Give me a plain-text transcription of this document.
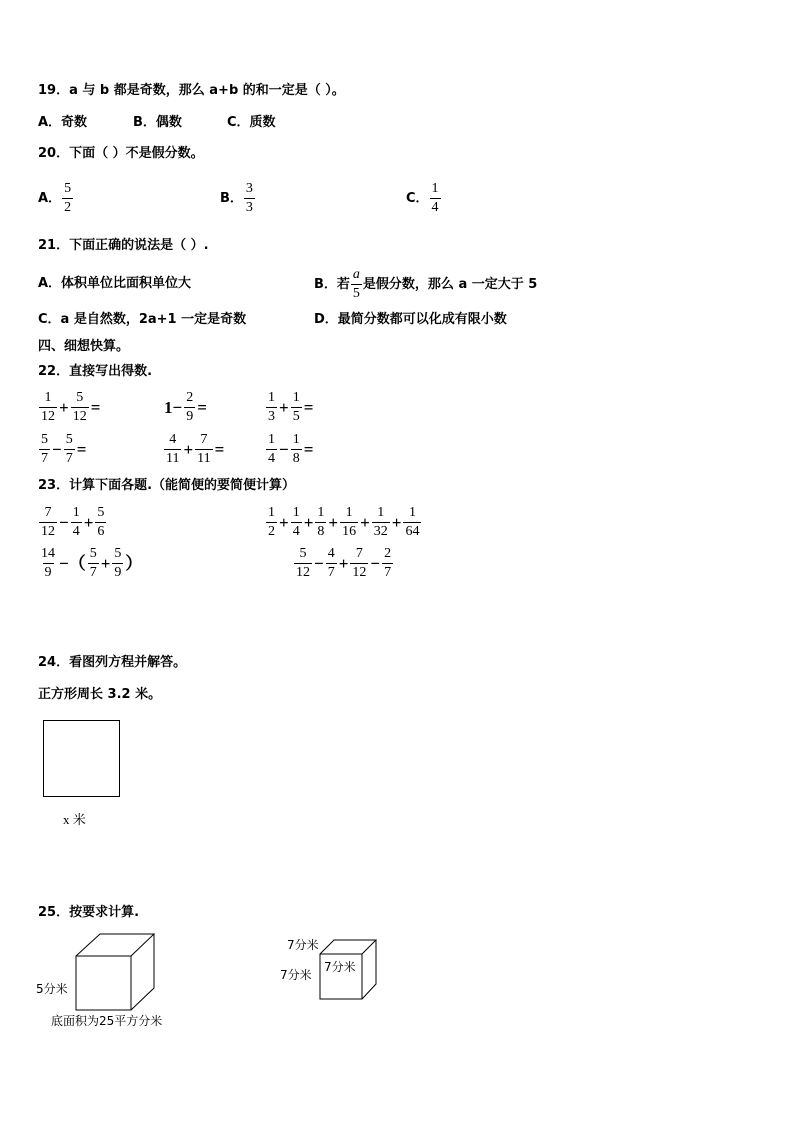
19．a 与 b 都是奇数，那么 a+b 的和一定是（ ）。
A．奇数	B．偶数	C．质数
20．下面（ ）不是假分数。
A． $\frac{5}{2}$	B． $\frac{3}{3}$	C． $\frac{1}{4}$
21．下面正确的说法是（ ）.
A．体积单位比面积单位大	B．若 $\frac{a}{5}$ 是假分数，那么 a 一定大于 5
C．a 是自然数，2a+1 一定是奇数	D．最简分数都可以化成有限小数
四、细想快算。
22．直接写出得数.
$\frac{1}{12} + \frac{5}{12}$ =	$1- \frac{2}{9}$ =	$\frac{1}{3} + \frac{1}{5}$ =
$\frac{5}{7} - \frac{5}{7}$ =	$\frac{4}{11} + \frac{7}{11}$ =	$\frac{1}{4} - \frac{1}{8}$ =
23．计算下面各题.（能简便的要简便计算）
$\frac{7}{12} - \frac{1}{4} + \frac{5}{6}$	$\frac{1}{2} + \frac{1}{4} + \frac{1}{8} + \frac{1}{16} + \frac{1}{32} + \frac{1}{64}$
$\frac{14}{9}$ −（ $\frac{5}{7} + \frac{5}{9}$ ）	$\frac{5}{12} - \frac{4}{7} + \frac{7}{12} - \frac{2}{7}$
24．看图列方程并解答。
正方形周长 3.2 米。
x 米
25．按要求计算.
5分米
底面积为25平方分米
7分米
7分米
7分米
